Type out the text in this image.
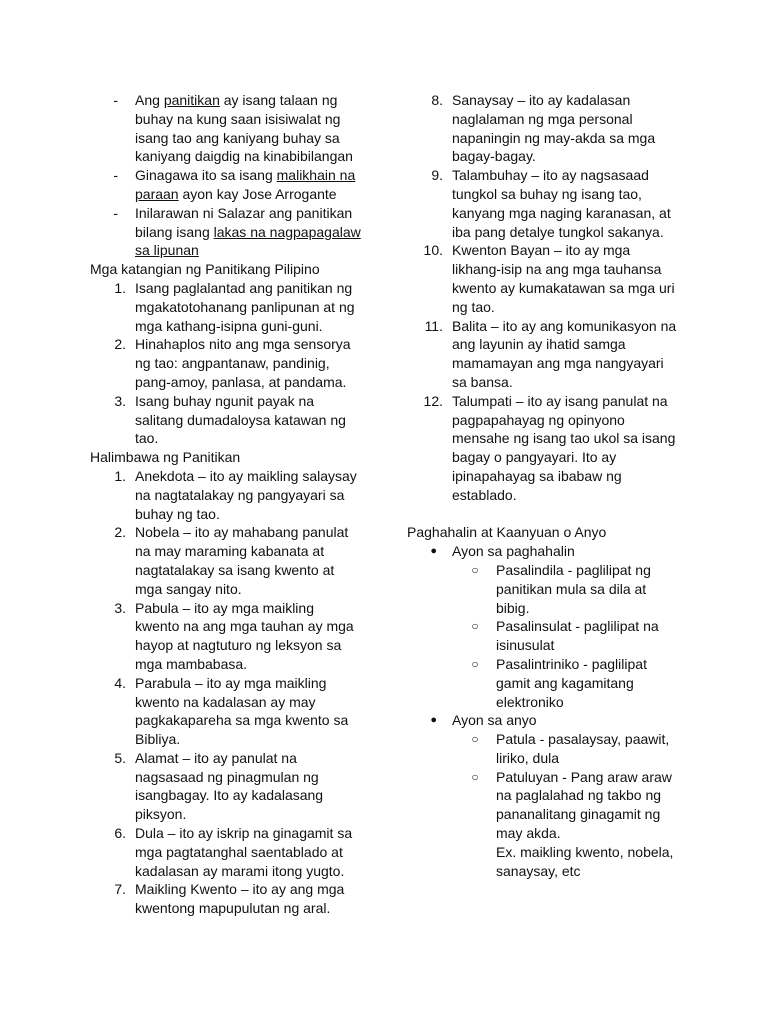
- Ang panitikan ay isang talaan ng buhay na kung saan isisiwalat ng isang tao ang kaniyang buhay sa kaniyang daigdig na kinabibilangan
- Ginagawa ito sa isang malikhain na paraan ayon kay Jose Arrogante
- Inilarawan ni Salazar ang panitikan bilang isang lakas na nagpapagalaw sa lipunan
Mga katangian ng Panitikang Pilipino
1. Isang paglalantad ang panitikan ng mgakatotohanang panlipunan at ng mga kathang-isipna guni-guni.
2. Hinahaplos nito ang mga sensorya ng tao: angpantanaw, pandinig, pang-amoy, panlasa, at pandama.
3. Isang buhay ngunit payak na salitang dumadaloysa katawan ng tao.
Halimbawa ng Panitikan
1. Anekdota – ito ay maikling salaysay na nagtatalakay ng pangyayari sa buhay ng tao.
2. Nobela – ito ay mahabang panulat na may maraming kabanata at nagtatalakay sa isang kwento at mga sangay nito.
3. Pabula – ito ay mga maikling kwento na ang mga tauhan ay mga hayop at nagtuturo ng leksyon sa mga mambabasa.
4. Parabula – ito ay mga maikling kwento na kadalasan ay may pagkakapareha sa mga kwento sa Bibliya.
5. Alamat – ito ay panulat na nagsasaad ng pinagmulan ng isangbagay. Ito ay kadalasang piksyon.
6. Dula – ito ay iskrip na ginagamit sa mga pagtatanghal saentablado at kadalasan ay marami itong yugto.
7. Maikling Kwento – ito ay ang mga kwentong mapupulutan ng aral.
8. Sanaysay – ito ay kadalasan naglalaman ng mga personal napaningin ng may-akda sa mga bagay-bagay.
9. Talambuhay – ito ay nagsasaad tungkol sa buhay ng isang tao, kanyang mga naging karanasan, at iba pang detalye tungkol sakanya.
10. Kwenton Bayan – ito ay mga likhang-isip na ang mga tauhansa kwento ay kumakatawan sa mga uri ng tao.
11. Balita – ito ay ang komunikasyon na ang layunin ay ihatid samga mamamayan ang mga nangyayari sa bansa.
12. Talumpati – ito ay isang panulat na pagpapahayag ng opinyono mensahe ng isang tao ukol sa isang bagay o pangyayari. Ito ay ipinapahayag sa ibabaw ng establado.
Paghahalin at Kaanyuan o Anyo
● Ayon sa paghahalin
○	Pasalindila - paglilipat ng panitikan mula sa dila at bibig.
○	Pasalinsulat - paglilipat na isinusulat
○	Pasalintriniko - paglilipat gamit ang kagamitang elektroniko
● Ayon sa anyo
○	Patula - pasalaysay, paawit, liriko, dula
○	Patuluyan - Pang araw araw na paglalahad ng takbo ng pananalitang ginagamit ng may akda.
Ex. maikling kwento, nobela, sanaysay, etc
